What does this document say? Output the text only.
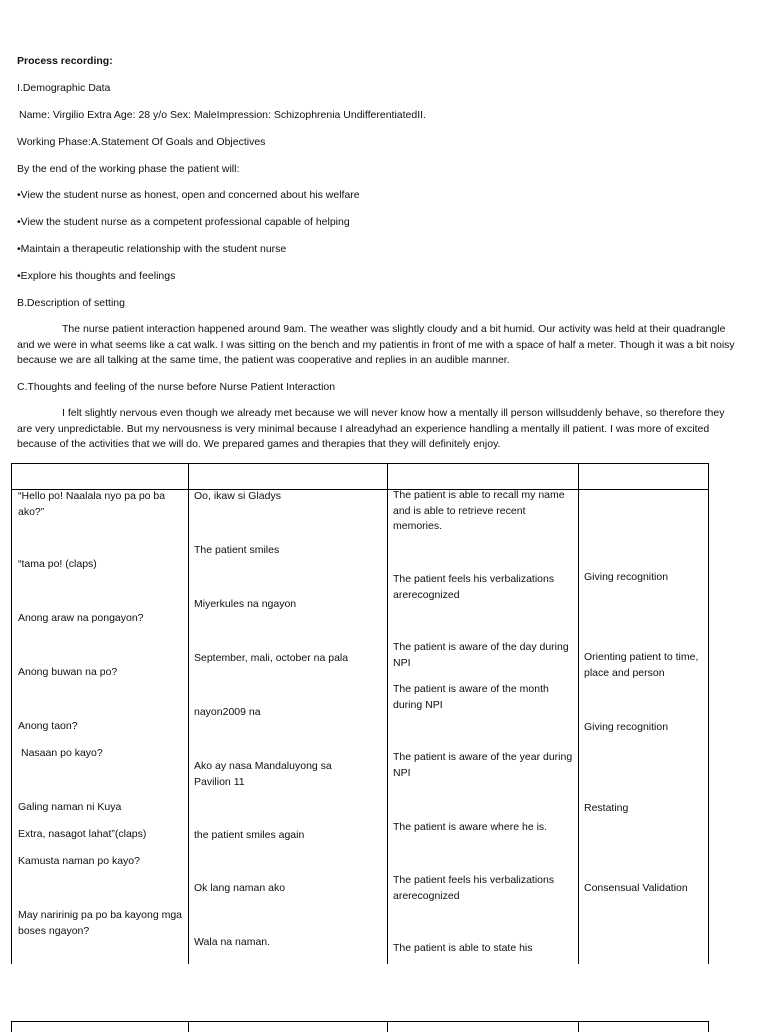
Process recording:
I.Demographic Data
Name: Virgilio Extra Age: 28 y/o Sex: MaleImpression: Schizophrenia UndifferentiatedII.
Working Phase:A.Statement Of Goals and Objectives
By the end of the working phase the patient will:
•View the student nurse as honest, open and concerned about his welfare
•View the student nurse as a competent professional capable of helping
•Maintain a therapeutic relationship with the student nurse
•Explore his thoughts and feelings
B.Description of setting
The nurse patient interaction happened around 9am. The weather was slightly cloudy and a bit humid. Our activity was held at their quadrangle and we were in what seems like a cat walk. I was sitting on the bench and my patientis in front of me with a space of half a meter. Though it was a bit noisy because we are all talking at the same time, the patient was cooperative and replies in an audible manner.
C.Thoughts and feeling of the nurse before Nurse Patient Interaction
I felt slightly nervous even though we already met because we will never know how a mentally ill person willsuddenly behave, so therefore they are very unpredictable. But my nervousness is very minimal because I alreadyhad an experience handling a mentally ill patient. I was more of excited because of the activities that we will do. We prepared games and therapies that they will definitely enjoy.
“Hello po! Naalala nyo pa po ba ako?”
“tama po! (claps)
Anong araw na pongayon?
Anong buwan na po?
Anong taon?
Nasaan po kayo?
Galing naman ni Kuya
Extra, nasagot lahat”(claps)
Kamusta naman po kayo?
May naririnig pa po ba kayong mga boses ngayon?
Oo, ikaw si Gladys
The patient smiles
Miyerkules na ngayon
September, mali, october na pala
nayon2009 na
Ako ay nasa Mandaluyong sa Pavilion 11
the patient smiles again
Ok lang naman ako
Wala na naman.
The patient is able to recall my name and is able to retrieve recent memories.
The patient feels his verbalizations arerecognized
The patient is aware of the day during NPI
The patient is aware of the month during NPI
The patient is aware of the year during NPI
The patient is aware where he is.
The patient feels his verbalizations arerecognized
The patient is able to state his
Giving recognition
Orienting patient to time, place and person
Giving recognition
Restating
Consensual Validation
